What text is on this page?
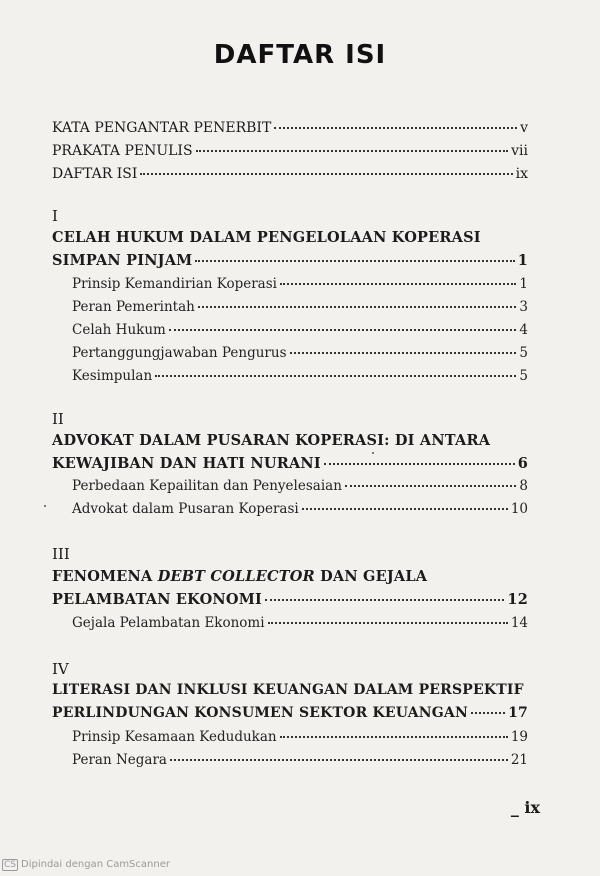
DAFTAR ISI
KATA PENGANTAR PENERBIT	v
PRAKATA PENULIS	vii
DAFTAR ISI	ix
I
CELAH HUKUM DALAM PENGELOLAAN KOPERASI
SIMPAN PINJAM	1
Prinsip Kemandirian Koperasi	1
Peran Pemerintah	3
Celah Hukum	4
Pertanggungjawaban Pengurus	5
Kesimpulan	5
II
ADVOKAT DALAM PUSARAN KOPERASI: DI ANTARA
KEWAJIBAN DAN HATI NURANI	6
Perbedaan Kepailitan dan Penyelesaian	8
Advokat dalam Pusaran Koperasi	10
III
FENOMENA DEBT COLLECTOR DAN GEJALA
PELAMBATAN EKONOMI	12
Gejala Pelambatan Ekonomi	14
IV
LITERASI DAN INKLUSI KEUANGAN DALAM PERSPEKTIF
PERLINDUNGAN KONSUMEN SEKTOR KEUANGAN	17
Prinsip Kesamaan Kedudukan	19
Peran Negara	21
_ ix
CS Dipindai dengan CamScanner
